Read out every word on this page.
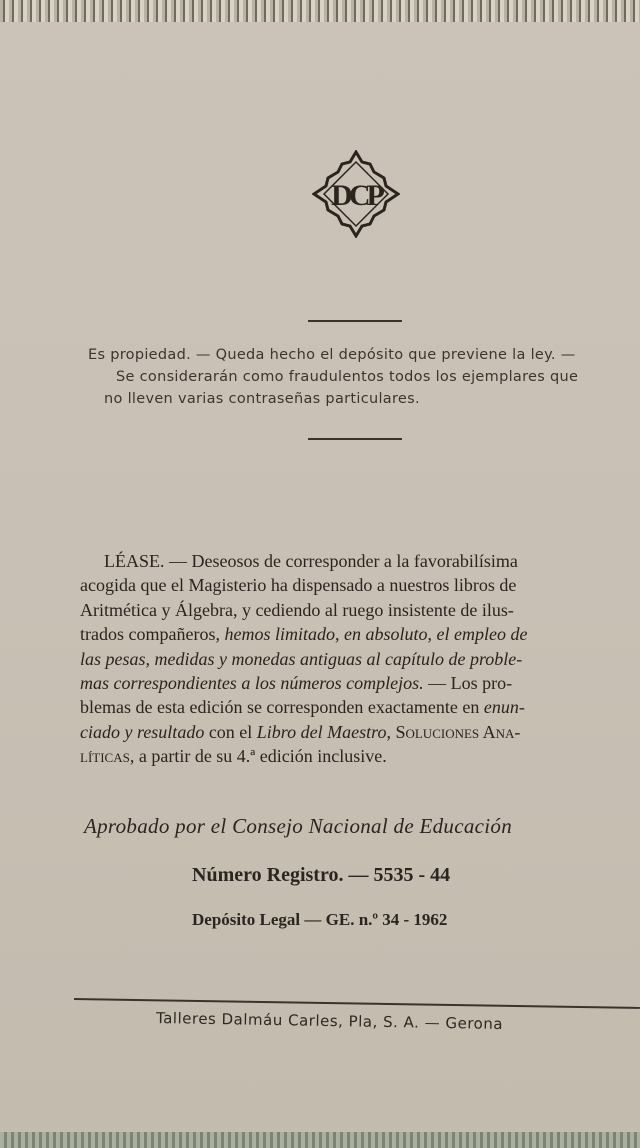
DCP
Es propiedad. — Queda hecho el depósito que previene la ley. —
Se considerarán como fraudulentos todos los ejemplares que
no lleven varias contraseñas particulares.
LÉASE. — Deseosos de corresponder a la favorabilísima
acogida que el Magisterio ha dispensado a nuestros libros de
Aritmética y Álgebra, y cediendo al ruego insistente de ilus-
trados compañeros, hemos limitado, en absoluto, el empleo de
las pesas, medidas y monedas antiguas al capítulo de proble-
mas correspondientes a los números complejos. — Los pro-
blemas de esta edición se corresponden exactamente en enun-
ciado y resultado con el Libro del Maestro, Soluciones Ana-
líticas, a partir de su 4.ª edición inclusive.
Aprobado por el Consejo Nacional de Educación
Número Registro. — 5535 - 44
Depósito Legal — GE. n.º 34 - 1962
Talleres Dalmáu Carles, Pla, S. A. — Gerona
